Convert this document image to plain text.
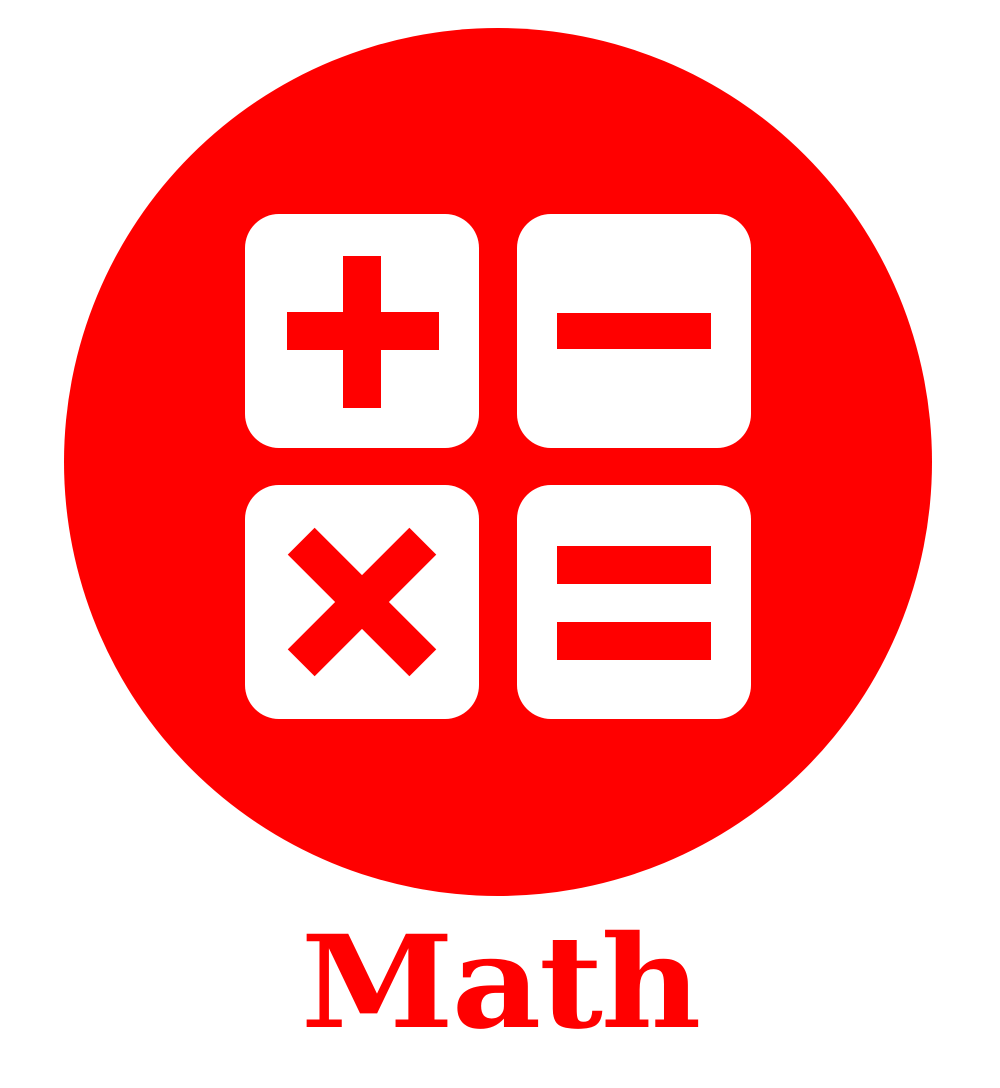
Math
